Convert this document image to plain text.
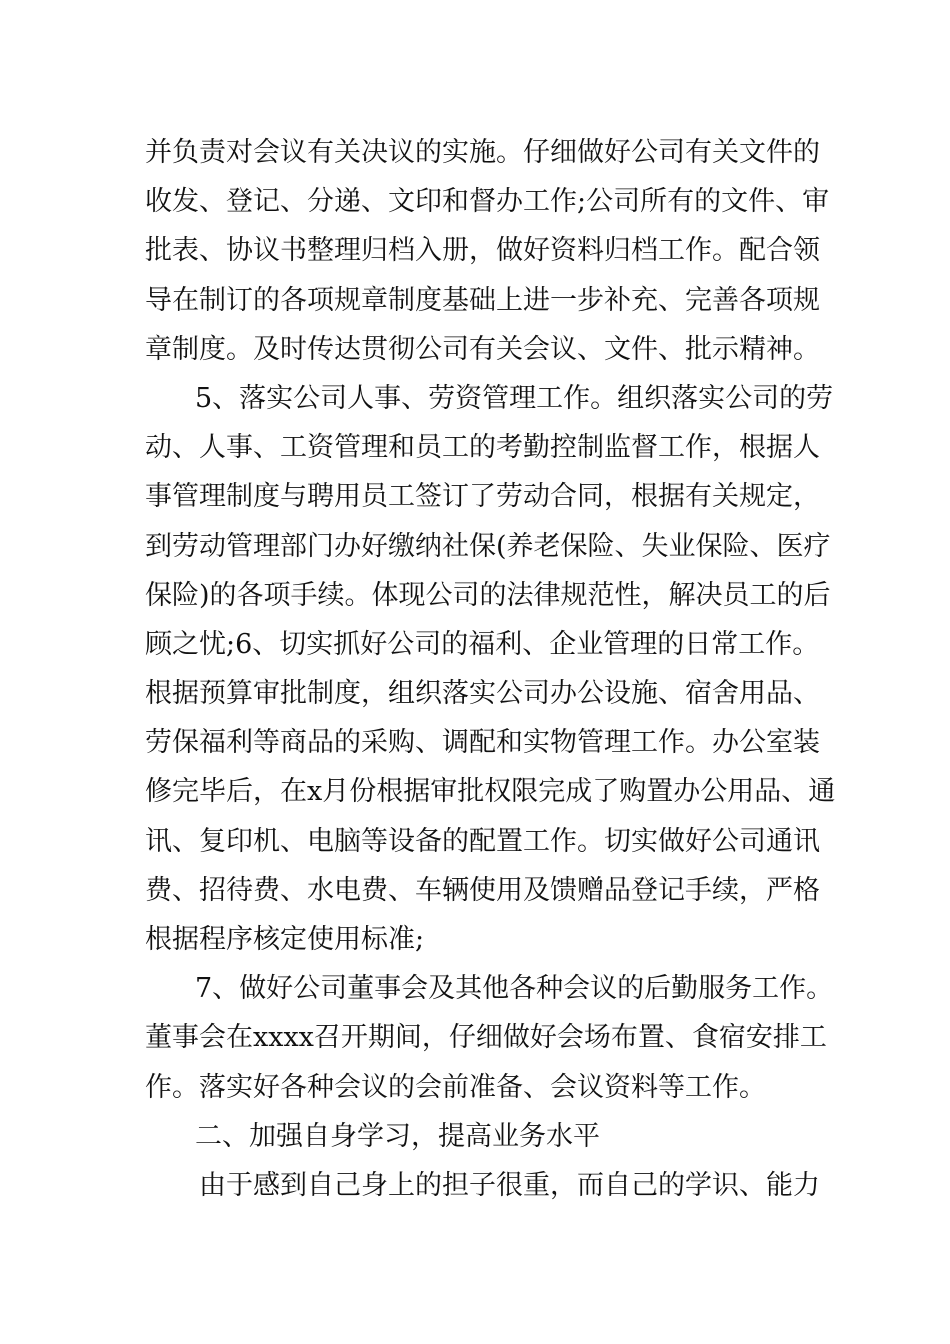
并负责对会议有关决议的实施。仔细做好公司有关文件的
收发、登记、分递、文印和督办工作;公司所有的文件、审
批表、协议书整理归档入册，做好资料归档工作。配合领
导在制订的各项规章制度基础上进一步补充、完善各项规
章制度。及时传达贯彻公司有关会议、文件、批示精神。
5、落实公司人事、劳资管理工作。组织落实公司的劳
动、人事、工资管理和员工的考勤控制监督工作，根据人
事管理制度与聘用员工签订了劳动合同，根据有关规定，
到劳动管理部门办好缴纳社保(养老保险、失业保险、医疗
保险)的各项手续。体现公司的法律规范性，解决员工的后
顾之忧;6、切实抓好公司的福利、企业管理的日常工作。
根据预算审批制度，组织落实公司办公设施、宿舍用品、
劳保福利等商品的采购、调配和实物管理工作。办公室装
修完毕后，在x月份根据审批权限完成了购置办公用品、通
讯、复印机、电脑等设备的配置工作。切实做好公司通讯
费、招待费、水电费、车辆使用及馈赠品登记手续，严格
根据程序核定使用标准;
7、做好公司董事会及其他各种会议的后勤服务工作。
董事会在xxxx召开期间，仔细做好会场布置、食宿安排工
作。落实好各种会议的会前准备、会议资料等工作。
二、加强自身学习，提高业务水平
由于感到自己身上的担子很重，而自己的学识、能力
